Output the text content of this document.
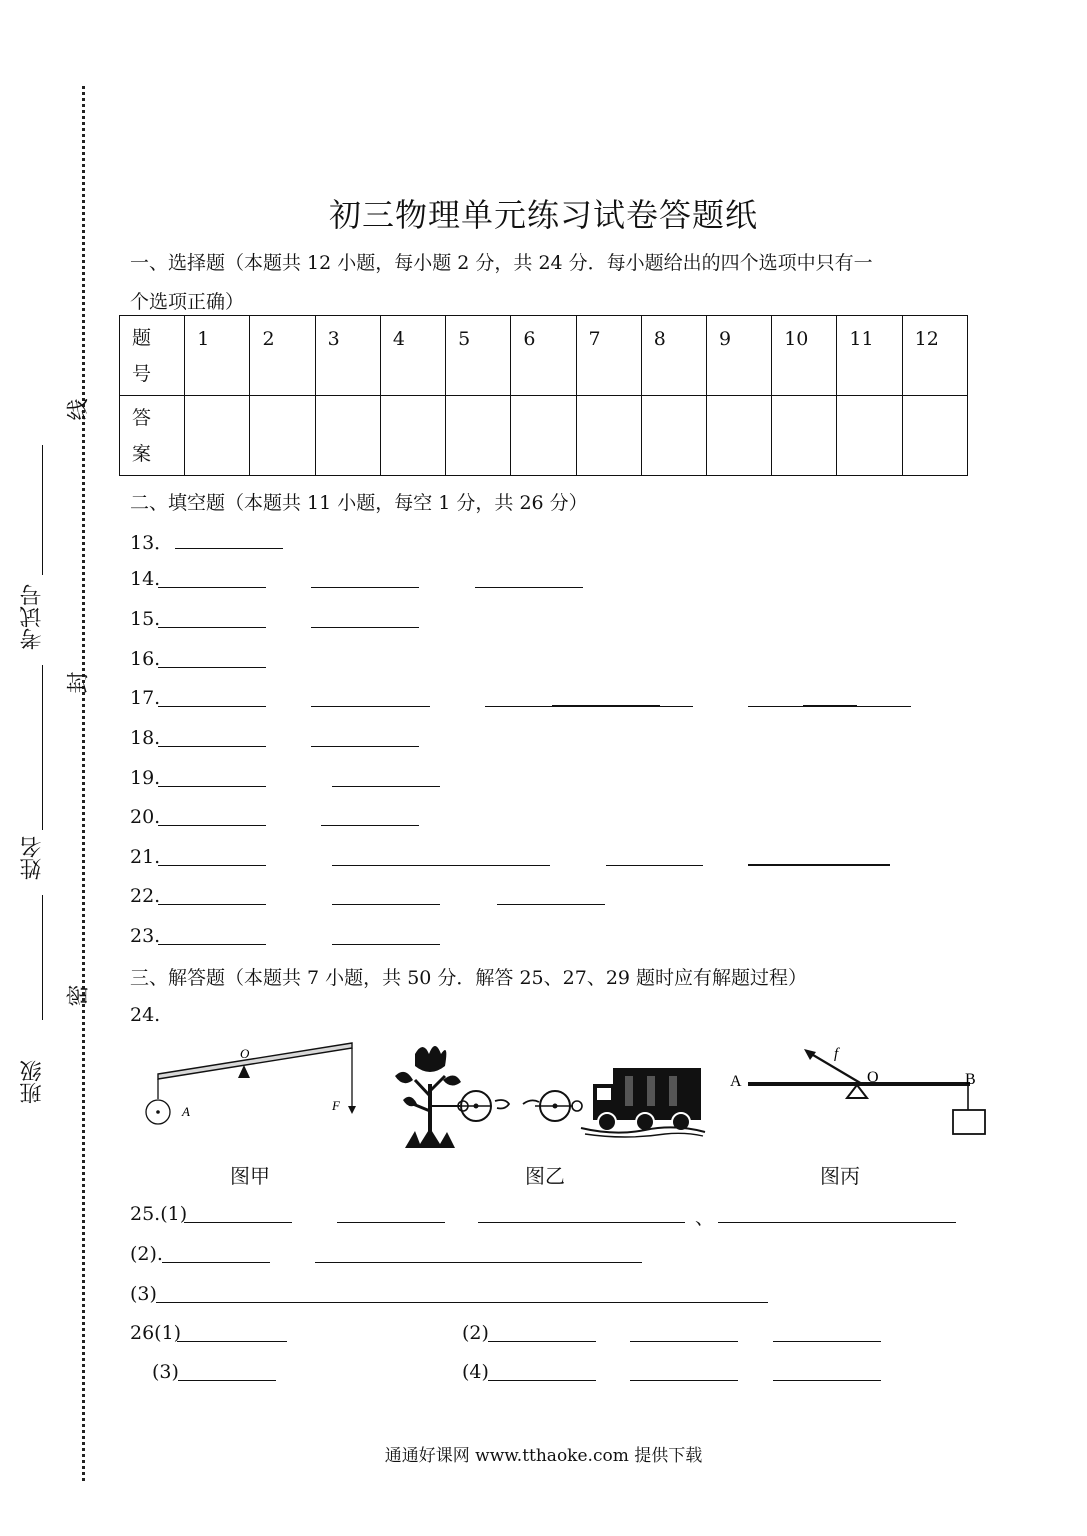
线
封
密
考试号
姓名
班级
初三物理单元练习试卷答题纸
一、选择题（本题共 12 小题，每小题 2 分，共 24 分．每小题给出的四个选项中只有一
个选项正确）
题
号	1	2	3	4	5	6	7	8	9	10	11	12
答
案												
二、填空题（本题共 11 小题，每空 1 分，共 26 分）
13．
14.
15.
16.
17.
18.
19.
20.
21.
22.
23.
三、解答题（本题共 7 小题，共 50 分．解答 25、27、29 题时应有解题过程）
24.
O
A	F
A	O	B
f
图甲	图乙	图丙
25.(1)	、
(2).
(3)
26(1)	(2)
(3)	(4)
通通好课网 www.tthaoke.com 提供下载
